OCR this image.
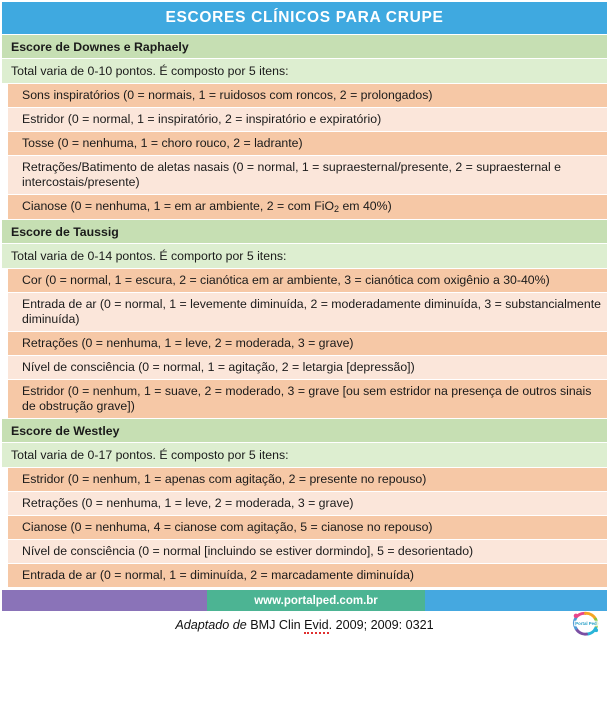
ESCORES CLÍNICOS PARA CRUPE
Escore de Downes e Raphaely
Total varia de 0-10 pontos. É composto por 5 itens:
Sons inspiratórios (0 = normais, 1 = ruidosos com roncos, 2 = prolongados)
Estridor (0 = normal, 1 = inspiratório, 2 = inspiratório e expiratório)
Tosse (0 = nenhuma, 1 = choro rouco, 2 = ladrante)
Retrações/Batimento de aletas nasais (0 = normal, 1 = supraesternal/presente, 2 = supraesternal e intercostais/presente)
Cianose (0 = nenhuma, 1 = em ar ambiente, 2 = com FiO$_2$ em 40%)
Escore de Taussig
Total varia de 0-14 pontos. É comporto por 5 itens:
Cor (0 = normal, 1 = escura, 2 = cianótica em ar ambiente, 3 = cianótica com oxigênio a 30-40%)
Entrada de ar (0 = normal, 1 = levemente diminuída, 2 = moderadamente diminuída, 3 = substancialmente diminuída)
Retrações (0 = nenhuma, 1 = leve, 2 = moderada, 3 = grave)
Nível de consciência (0 = normal, 1 = agitação, 2 = letargia [depressão])
Estridor (0 = nenhum, 1 = suave, 2 = moderado, 3 = grave [ou sem estridor na presença de outros sinais de obstrução grave])
Escore de Westley
Total varia de 0-17 pontos. É composto por 5 itens:
Estridor (0 = nenhum, 1 = apenas com agitação, 2 = presente no repouso)
Retrações (0 = nenhuma, 1 = leve, 2 = moderada, 3 = grave)
Cianose (0 = nenhuma, 4 = cianose com agitação, 5 = cianose no repouso)
Nível de consciência (0 = normal [incluindo se estiver dormindo], 5 = desorientado)
Entrada de ar (0 = normal, 1 = diminuída, 2 = marcadamente diminuída)
www.portalped.com.br
Adaptado de BMJ Clin Evid. 2009; 2009: 0321	Portal Ped
